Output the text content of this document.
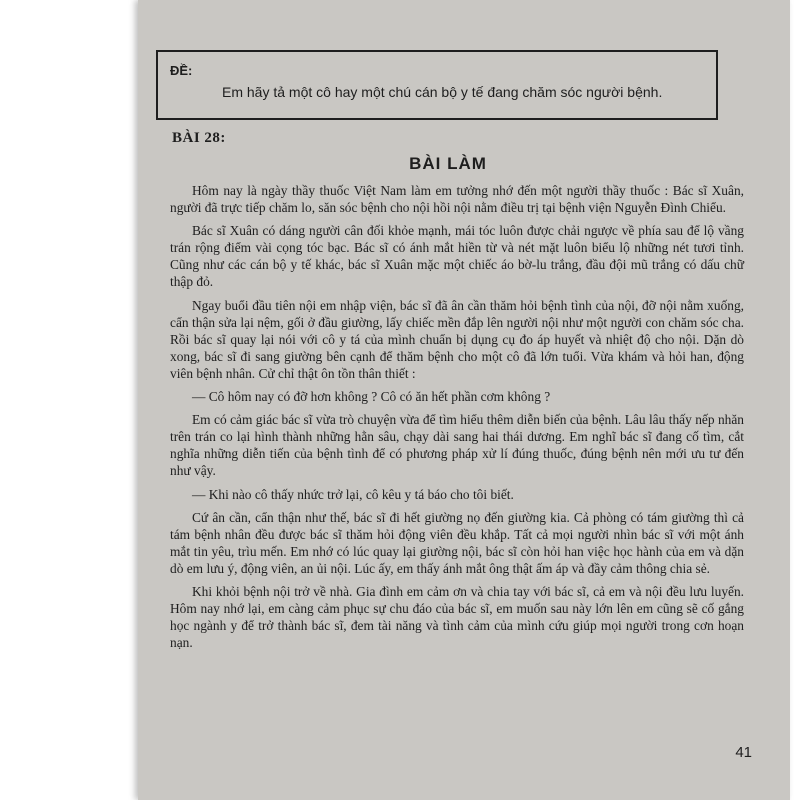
ĐỀ:
Em hãy tả một cô hay một chú cán bộ y tế đang chăm sóc người bệnh.
BÀI 28:
BÀI LÀM

Hôm nay là ngày thầy thuốc Việt Nam làm em tưởng nhớ đến một người thầy thuốc : Bác sĩ Xuân, người đã trực tiếp chăm lo, săn sóc bệnh cho nội hồi nội nằm điều trị tại bệnh viện Nguyễn Đình Chiểu.

Bác sĩ Xuân có dáng người cân đối khỏe mạnh, mái tóc luôn được chải ngược về phía sau để lộ vầng trán rộng điểm vài cọng tóc bạc. Bác sĩ có ánh mắt hiền từ và nét mặt luôn biểu lộ những nét tươi tỉnh. Cũng như các cán bộ y tế khác, bác sĩ Xuân mặc một chiếc áo bờ-lu trắng, đầu đội mũ trắng có dấu chữ thập đỏ.

Ngay buổi đầu tiên nội em nhập viện, bác sĩ đã ân cần thăm hỏi bệnh tình của nội, đỡ nội nằm xuống, cẩn thận sửa lại nệm, gối ở đầu giường, lấy chiếc mền đắp lên người nội như một người con chăm sóc cha. Rồi bác sĩ quay lại nói với cô y tá của mình chuẩn bị dụng cụ đo áp huyết và nhiệt độ cho nội. Dặn dò xong, bác sĩ đi sang giường bên cạnh để thăm bệnh cho một cô đã lớn tuổi. Vừa khám và hỏi han, động viên bệnh nhân. Cử chỉ thật ôn tồn thân thiết :

— Cô hôm nay có đỡ hơn không ? Cô có ăn hết phần cơm không ?

Em có cảm giác bác sĩ vừa trò chuyện vừa để tìm hiểu thêm diễn biến của bệnh. Lâu lâu thấy nếp nhăn trên trán co lại hình thành những hằn sâu, chạy dài sang hai thái dương. Em nghĩ bác sĩ đang cố tìm, cắt nghĩa những diễn tiến của bệnh tình để có phương pháp xử lí đúng thuốc, đúng bệnh nên mới ưu tư đến như vậy.

— Khi nào cô thấy nhức trở lại, cô kêu y tá báo cho tôi biết.

Cứ ân cần, cẩn thận như thế, bác sĩ đi hết giường nọ đến giường kia. Cả phòng có tám giường thì cả tám bệnh nhân đều được bác sĩ thăm hỏi động viên đều khắp. Tất cả mọi người nhìn bác sĩ với một ánh mắt tin yêu, trìu mến. Em nhớ có lúc quay lại giường nội, bác sĩ còn hỏi han việc học hành của em và dặn dò em lưu ý, động viên, an ủi nội. Lúc ấy, em thấy ánh mắt ông thật ấm áp và đầy cảm thông chia sẻ.

Khi khỏi bệnh nội trở về nhà. Gia đình em cảm ơn và chia tay với bác sĩ, cả em và nội đều lưu luyến. Hôm nay nhớ lại, em càng cảm phục sự chu đáo của bác sĩ, em muốn sau này lớn lên em cũng sẽ cố gắng học ngành y để trở thành bác sĩ, đem tài năng và tình cảm của mình cứu giúp mọi người trong cơn hoạn nạn.

41
